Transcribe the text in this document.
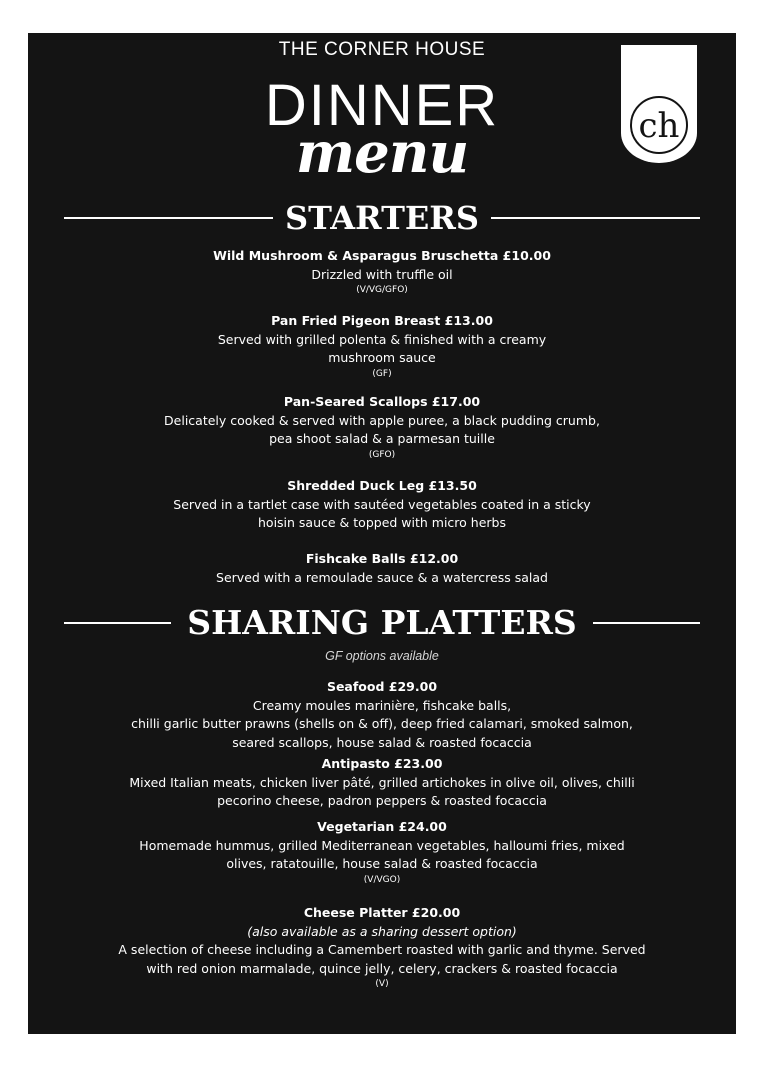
THE CORNER HOUSE
DINNER
menu	ch
STARTERS
Wild Mushroom & Asparagus Bruschetta £10.00
Drizzled with truffle oil
(V/VG/GFO)
Pan Fried Pigeon Breast £13.00
Served with grilled polenta & finished with a creamy
mushroom sauce
(GF)
Pan-Seared Scallops £17.00
Delicately cooked & served with apple puree, a black pudding crumb,
pea shoot salad & a parmesan tuille
(GFO)
Shredded Duck Leg £13.50
Served in a tartlet case with sautéed vegetables coated in a sticky
hoisin sauce & topped with micro herbs
Fishcake Balls £12.00
Served with a remoulade sauce & a watercress salad
SHARING PLATTERS
GF options available
Seafood £29.00
Creamy moules marinière, fishcake balls,
chilli garlic butter prawns (shells on & off), deep fried calamari, smoked salmon,
seared scallops, house salad & roasted focaccia
Antipasto £23.00
Mixed Italian meats, chicken liver pâté, grilled artichokes in olive oil, olives, chilli
pecorino cheese, padron peppers & roasted focaccia
Vegetarian £24.00
Homemade hummus, grilled Mediterranean vegetables, halloumi fries, mixed
olives, ratatouille, house salad & roasted focaccia
(V/VGO)
Cheese Platter £20.00
(also available as a sharing dessert option)
A selection of cheese including a Camembert roasted with garlic and thyme. Served
with red onion marmalade, quince jelly, celery, crackers & roasted focaccia
(V)
